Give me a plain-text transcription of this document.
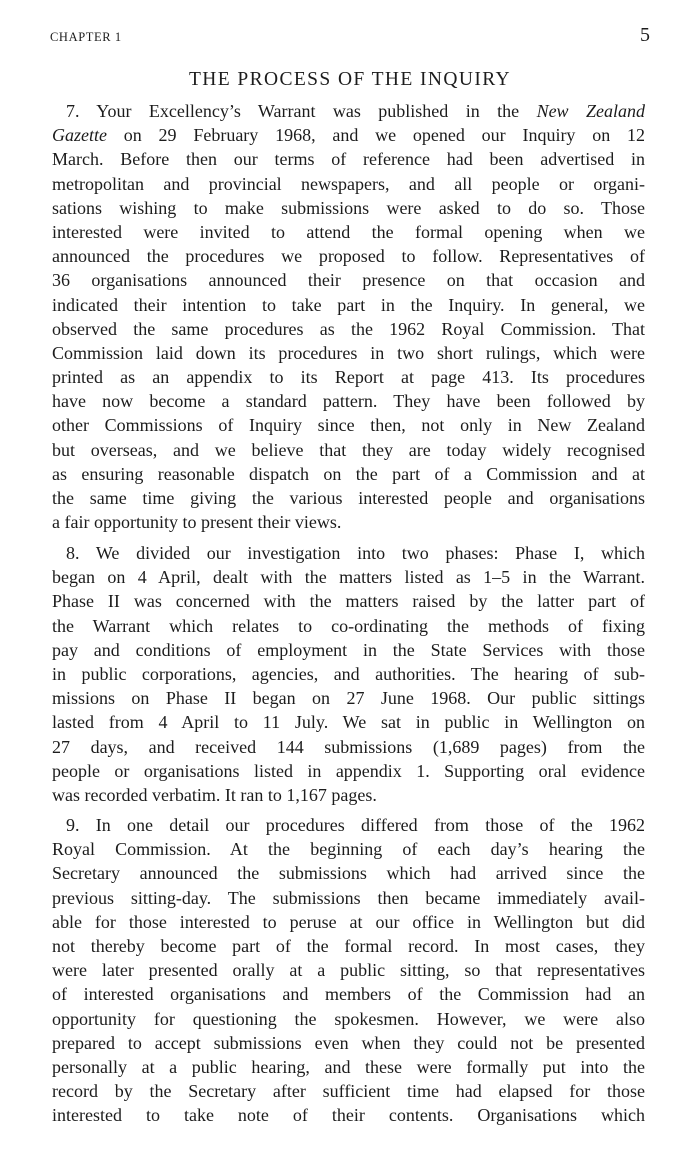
CHAPTER 1	5
THE PROCESS OF THE INQUIRY
7. Your Excellency’s Warrant was published in the New Zealand
Gazette on 29 February 1968, and we opened our Inquiry on 12
March. Before then our terms of reference had been advertised in
metropolitan and provincial newspapers, and all people or organi-
sations wishing to make submissions were asked to do so. Those
interested were invited to attend the formal opening when we
announced the procedures we proposed to follow. Representatives of
36 organisations announced their presence on that occasion and
indicated their intention to take part in the Inquiry. In general, we
observed the same procedures as the 1962 Royal Commission. That
Commission laid down its procedures in two short rulings, which were
printed as an appendix to its Report at page 413. Its procedures
have now become a standard pattern. They have been followed by
other Commissions of Inquiry since then, not only in New Zealand
but overseas, and we believe that they are today widely recognised
as ensuring reasonable dispatch on the part of a Commission and at
the same time giving the various interested people and organisations
a fair opportunity to present their views.
8. We divided our investigation into two phases: Phase I, which
began on 4 April, dealt with the matters listed as 1–5 in the Warrant.
Phase II was concerned with the matters raised by the latter part of
the Warrant which relates to co-ordinating the methods of fixing
pay and conditions of employment in the State Services with those
in public corporations, agencies, and authorities. The hearing of sub-
missions on Phase II began on 27 June 1968. Our public sittings
lasted from 4 April to 11 July. We sat in public in Wellington on
27 days, and received 144 submissions (1,689 pages) from the
people or organisations listed in appendix 1. Supporting oral evidence
was recorded verbatim. It ran to 1,167 pages.
9. In one detail our procedures differed from those of the 1962
Royal Commission. At the beginning of each day’s hearing the
Secretary announced the submissions which had arrived since the
previous sitting-day. The submissions then became immediately avail-
able for those interested to peruse at our office in Wellington but did
not thereby become part of the formal record. In most cases, they
were later presented orally at a public sitting, so that representatives
of interested organisations and members of the Commission had an
opportunity for questioning the spokesmen. However, we were also
prepared to accept submissions even when they could not be presented
personally at a public hearing, and these were formally put into the
record by the Secretary after sufficient time had elapsed for those
interested to take note of their contents. Organisations which
